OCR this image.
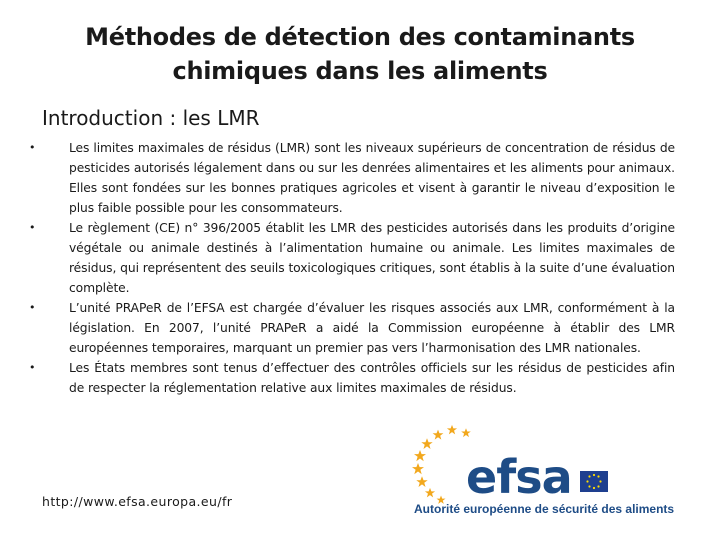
Méthodes de détection des contaminants
chimiques dans les aliments
Introduction : les LMR
•	Les limites maximales de résidus (LMR) sont les niveaux supérieurs de concentration de résidus de pesticides autorisés légalement dans ou sur les denrées alimentaires et les aliments pour animaux. Elles sont fondées sur les bonnes pratiques agricoles et visent à garantir le niveau d’exposition le plus faible possible pour les consommateurs.
•	Le règlement (CE) n° 396/2005 établit les LMR des pesticides autorisés dans les produits d’origine végétale ou animale destinés à l’alimentation humaine ou animale. Les limites maximales de résidus, qui représentent des seuils toxicologiques critiques, sont établis à la suite d’une évaluation complète.
•	L’unité PRAPeR de l’EFSA est chargée d’évaluer les risques associés aux LMR, conformément à la législation. En 2007, l’unité PRAPeR a aidé la Commission européenne à établir des LMR européennes temporaires, marquant un premier pas vers l’harmonisation des LMR nationales.
•	Les États membres sont tenus d’effectuer des contrôles officiels sur les résidus de pesticides afin de respecter la réglementation relative aux limites maximales de résidus.
http://www.efsa.europa.eu/fr	efsa
Autorité européenne de sécurité des aliments
